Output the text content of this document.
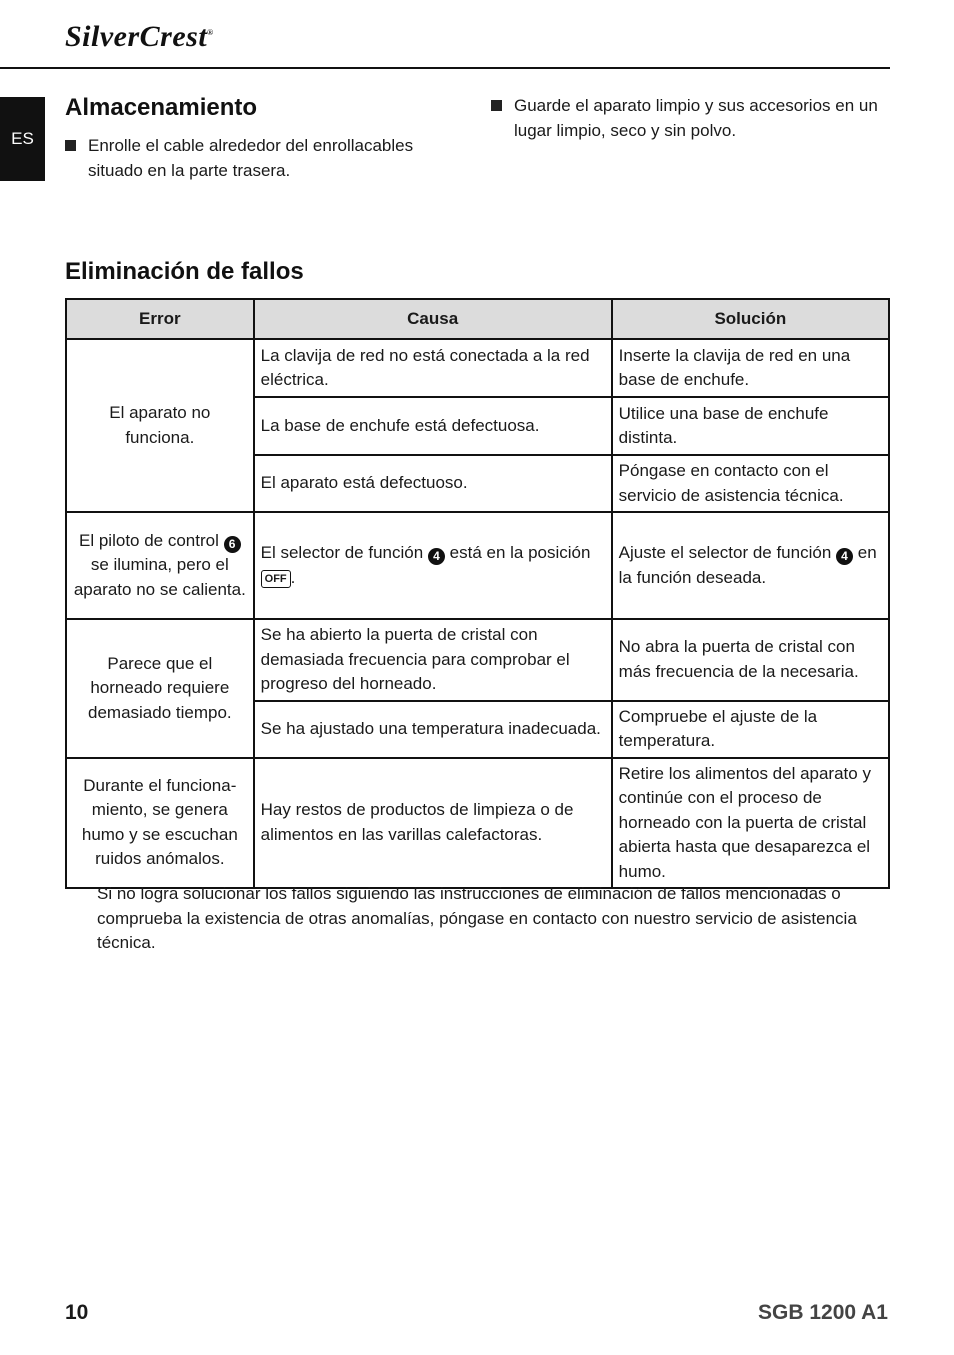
SilverCrest®
ES
Almacenamiento
Enrolle el cable alrededor del enrollacables situado en la parte trasera.
Guarde el aparato limpio y sus accesorios en un lugar limpio, seco y sin polvo.
Eliminación de fallos
Error	Causa	Solución
El aparato no funciona.	La clavija de red no está conectada a la red eléctrica.	Inserte la clavija de red en una base de enchufe.
	La base de enchufe está defectuosa.	Utilice una base de enchufe distinta.
	El aparato está defectuoso.	Póngase en contacto con el servicio de asistencia técnica.
El piloto de control 6 se ilumina, pero el aparato no se calienta.	El selector de función 4 está en la posición OFF .	Ajuste el selector de función 4 en la función deseada.
Parece que el horneado requiere demasiado tiempo.	Se ha abierto la puerta de cristal con demasiada frecuencia para comprobar el progreso del horneado.	No abra la puerta de cristal con más frecuencia de la necesaria.
	Se ha ajustado una temperatura inadecuada.	Compruebe el ajuste de la temperatura.
Durante el funciona-miento, se genera humo y se escuchan ruidos anómalos.	Hay restos de productos de limpieza o de alimentos en las varillas calefactoras.	Retire los alimentos del aparato y continúe con el proceso de horneado con la puerta de cristal abierta hasta que desaparezca el humo.
Si no logra solucionar los fallos siguiendo las instrucciones de eliminación de fallos mencionadas o comprueba la existencia de otras anomalías, póngase en contacto con nuestro servicio de asistencia técnica.
10	SGB 1200 A1
